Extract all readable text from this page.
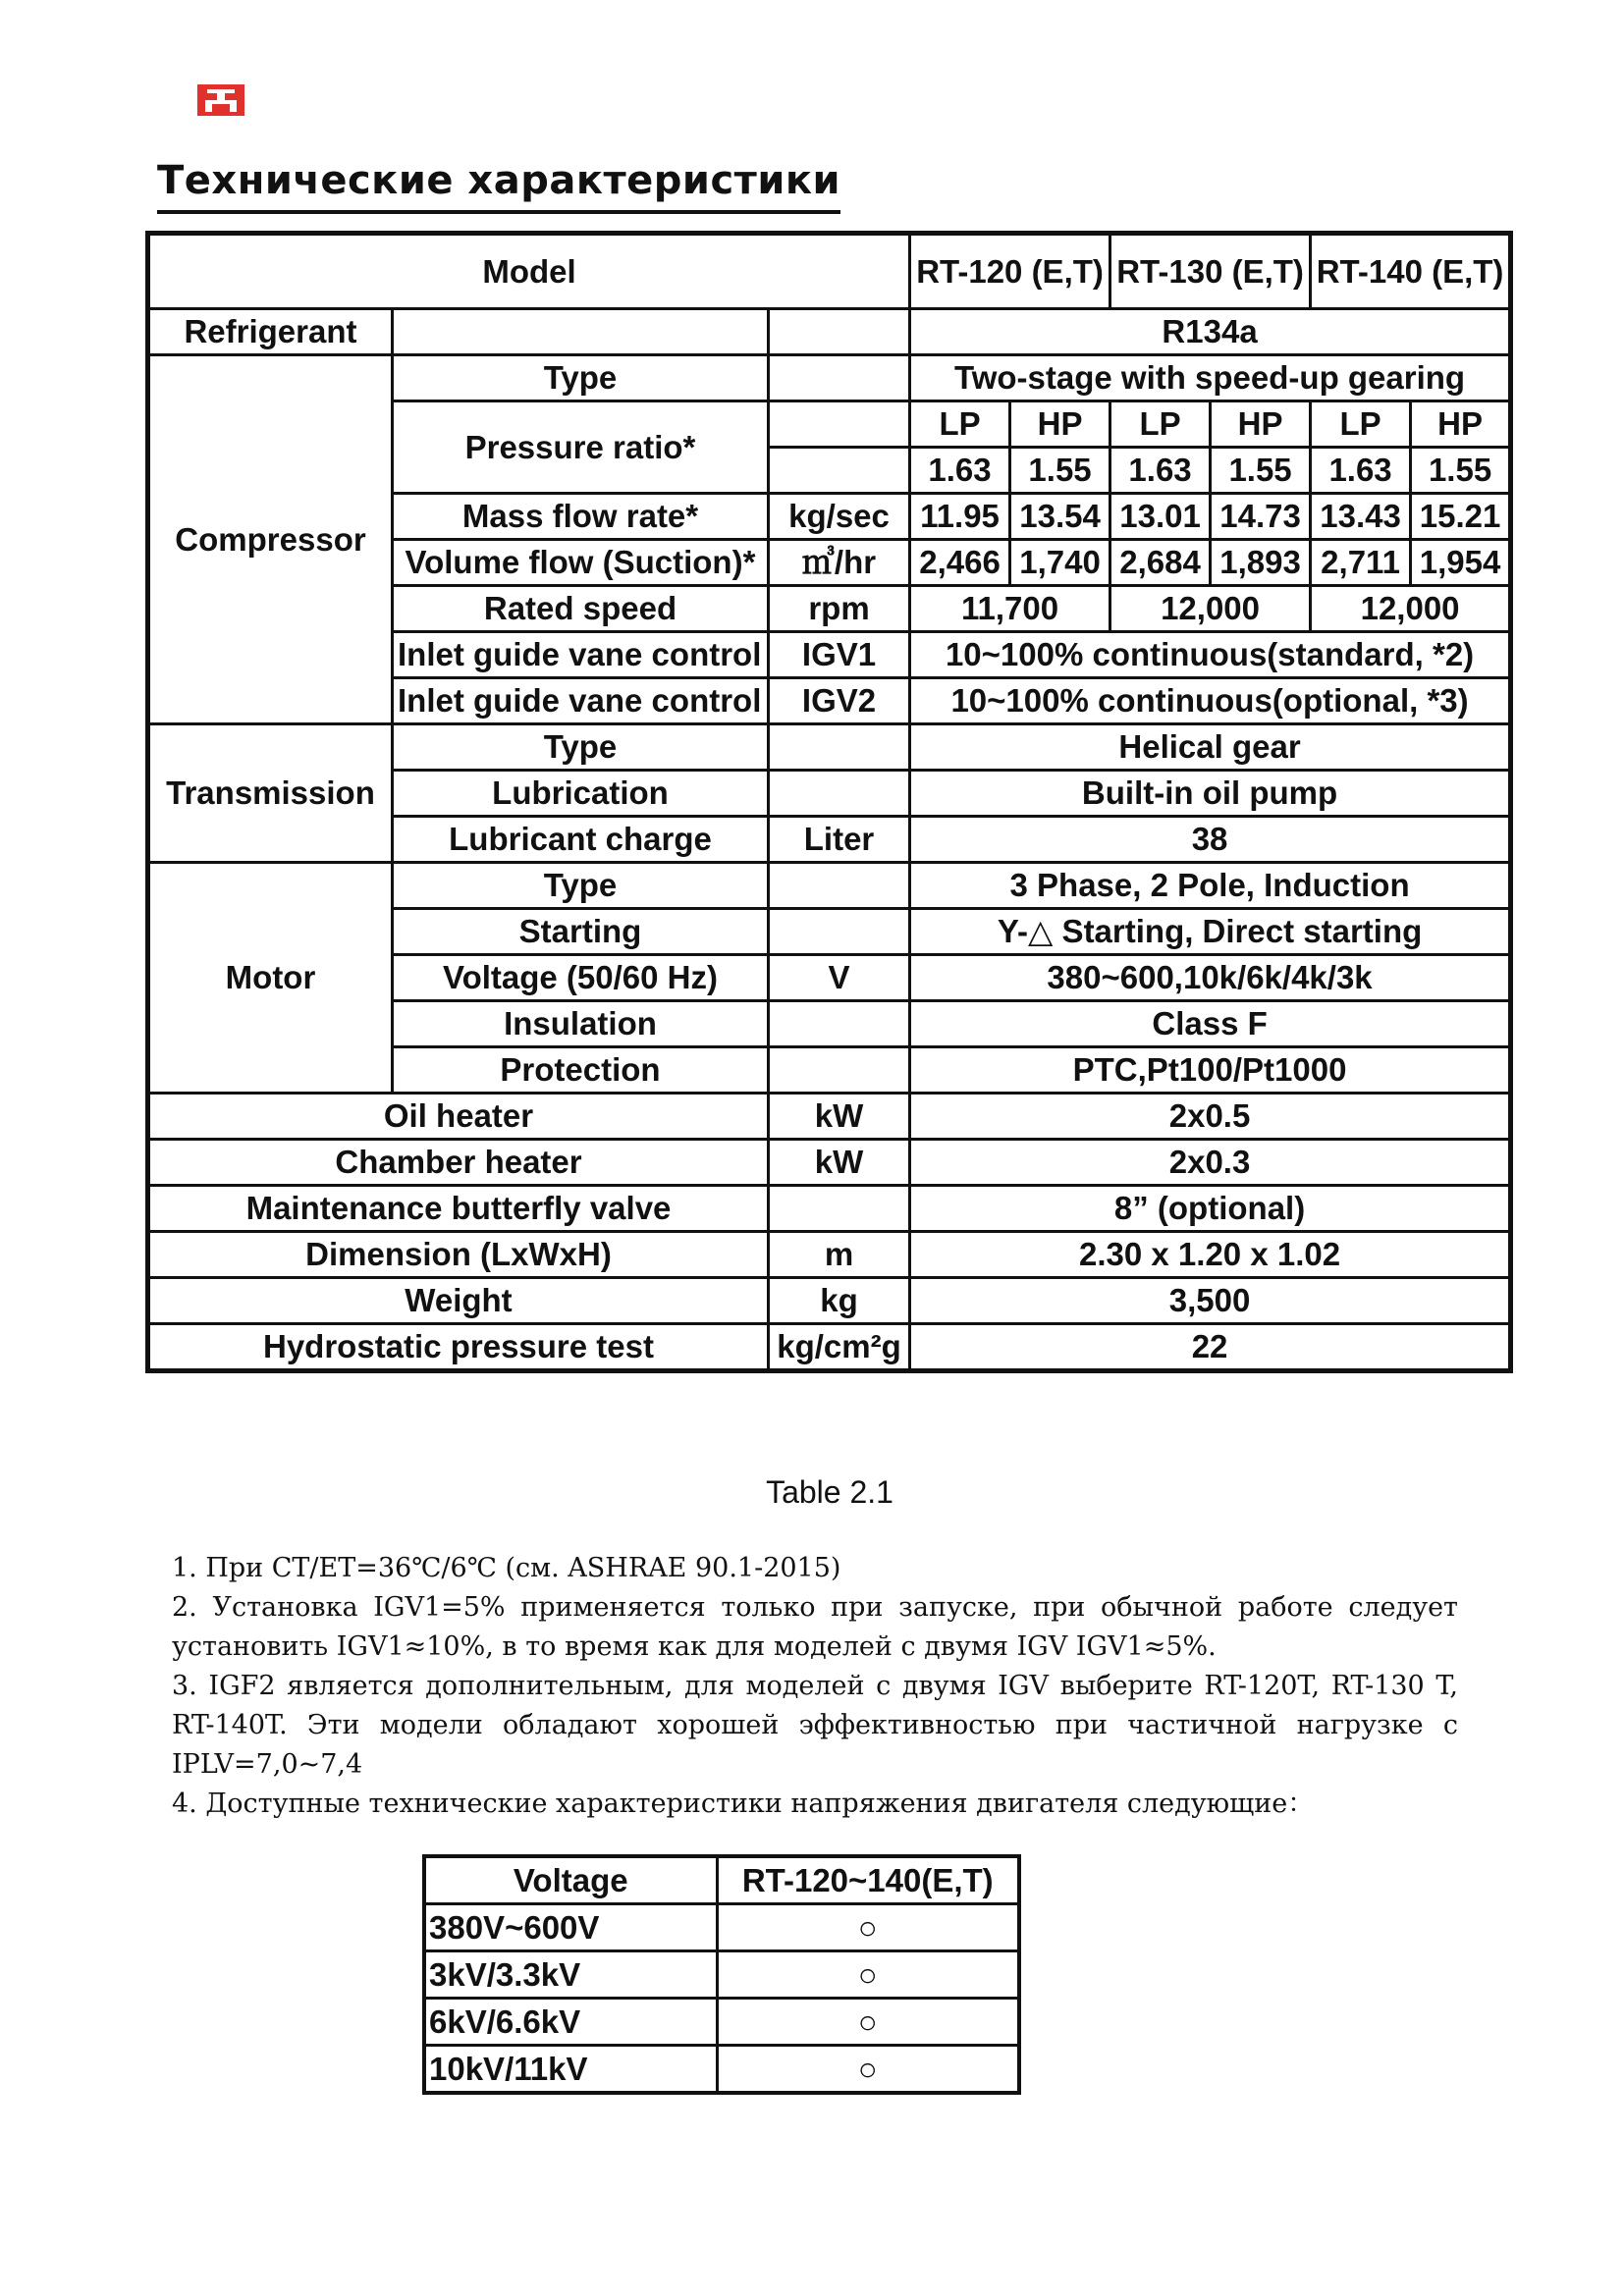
Технические характеристики
Model			RT-120 (E,T)		RT-130 (E,T)		RT-140 (E,T)	
Refrigerant			R134a					
Compressor	Type		Two-stage with speed-up gearing					
	Pressure ratio*		LP	HP	LP	HP	LP	HP
			1.63	1.55	1.63	1.55	1.63	1.55
	Mass flow rate*	kg/sec	11.95	13.54	13.01	14.73	13.43	15.21
	Volume flow (Suction)*	㎥/hr	2,466	1,740	2,684	1,893	2,711	1,954
	Rated speed	rpm	11,700		12,000		12,000	
	Inlet guide vane control	IGV1	10~100% continuous(standard, *2)					
	Inlet guide vane control	IGV2	10~100% continuous(optional, *3)					
Transmission	Type		Helical gear					
	Lubrication		Built-in oil pump					
	Lubricant charge	Liter	38					
Motor	Type		3 Phase, 2 Pole, Induction					
	Starting		Y-△ Starting, Direct starting					
	Voltage (50/60 Hz)	V	380~600,10k/6k/4k/3k					
	Insulation		Class F					
	Protection		PTC,Pt100/Pt1000					
Oil heater		kW	2x0.5					
Chamber heater		kW	2x0.3					
Maintenance butterfly valve			8” (optional)					
Dimension (LxWxH)		m	2.30 x 1.20 x 1.02					
Weight		kg	3,500					
Hydrostatic pressure test		kg/cm²g	22					
Table 2.1

1. При CT/ET=36℃/6℃ (см. ASHRAE 90.1-2015)

2. Установка IGV1=5% применяется только при запуске, при обычной работе следует установить IGV1≈10%, в то время как для моделей с двумя IGV IGV1≈5%.

3. IGF2 является дополнительным, для моделей с двумя IGV выберите RT-120T, RT-130 T, RT-140T. Эти модели обладают хорошей эффективностью при частичной нагрузке с IPLV=7,0~7,4

4. Доступные технические характеристики напряжения двигателя следующие：

Voltage	RT-120~140(E,T)
380V~600V	○
3kV/3.3kV	○
6kV/6.6kV	○
10kV/11kV	○
